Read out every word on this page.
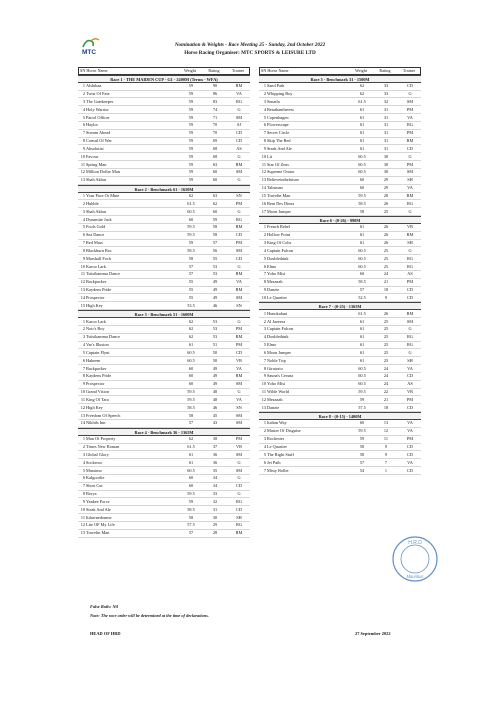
MTC
Nomination & Weights - Race Meeting 25 - Sunday, 2nd October 2022
Horse Racing Organiser: MTC SPORTS & LEISURE LTD
SN Horse Name	Weight	Rating	Trainer
Race 1 - THE MAIDEN CUP - G1 - 2400M (Terms - WFA)
1 Alshibaa	59	90	RM
2 Twist Of Fate	59	86	VA
3 The Gatekeeper	59	83	RG
4 Holy Warrior	59	74	G
5 Patrol Officer	59	71	SM
6 Haylor	59	70	SJ
7 Stream Ahead	59	70	CD
8 Consul Of War	59	69	CD
9 Absolutist	59	68	AS
10 Favour	59	68	G
11 Spring Man	59	63	RM
12 Million Dollar Man	59	60	SM
13 Shah Akbar	59	60	G
Race 2 - Benchmark 61 - 1650M
1 Your Pace Or Mine	62	63	SN
2 Hubble	61.5	62	PM
3 Shah Akbar	60.5	60	G
4 Dynamite Jack	60	59	RG
5 Fools Gold	59.5	58	RM
6 Sea Dance	59.5	58	CD
7 Red Mars	59	57	PM
8 Blackburn Roc	58.5	56	SM
9 Marshall Foch	58	55	CD
10 Karoo Lark	57	53	G
11 Tsitsikamma Dance	57	53	RM
12 Backpacker	55	49	VA
13 Kaydens Pride	55	49	RM
14 Prospector	55	49	SM
15 High Key	53.5	46	SN
Race 3 - Benchmark 51 - 1600M
1 Karoo Lark	62	53	G
2 Noir's Boy	62	53	PM
3 Tsitsikamma Dance	62	53	RM
4 Var's Illusion	61	51	PM
5 Captain Flynt	60.5	50	CD
6 Hakeem	60.5	50	VR
7 Backpacker	60	49	VA
8 Kaydens Pride	60	49	RM
9 Prospector	60	49	SM
10 Grand Vision	59.5	48	G
11 King Of Tara	59.5	48	VA
12 High Key	58.5	46	SN
13 Freedom Of Speech	58	45	SM
14 Nikhils Inn	57	43	SM
Race 4 - Benchmark 36 - 1365M
1 Man Of Property	62	38	PM
2 Times New Roman	61.5	37	VR
3 Global Glory	61	36	SM
4 Sockeroo	61	36	G
5 Massimo	60.5	35	SM
6 Kalgoorlie	60	34	G
7 Short Cut	60	34	CD
8 Borya	59.5	33	G
9 Yankee Force	59	32	RG
10 Steak And Ale	58.5	31	CD
11 Itdawnedonme	58	30	SH
12 Lite OF My Life	57.5	29	RG
13 Travelin Man	57	28	RM
SN Horse Name	Weight	Rating	Trainer
Race 5 - Benchmark 31 - 1500M
1 Sand Path	62	33	CD
2 Whipping Boy	62	33	G
3 Senatla	61.5	32	SM
4 Betathantherest	61	31	PM
5 Copenhagen	61	31	VA
6 Flowerscape	61	31	RG
7 Secret Circle	61	31	PM
8 Skip The Red	61	31	RM
9 Steak And Ale	61	31	CD
10 Lit	60.5	30	G
11 Star Of Zeus	60.5	30	PM
12 Supreme Orator	60.5	30	SM
13 Believeinthefuture	60	29	SH
14 Talisman	60	29	VA
15 Travelin Man	59.5	28	RM
16 Beni Des Dieux	58.5	26	RG
17 Moon Jumper	58	25	G
Race 6 - (0-26) - 990M
1 French Rebel	61	26	VR
2 Hollow Point	61	26	RM
3 King Of Colts	61	26	SH
4 Captain Falcon	60.5	25	G
5 Doublethink	60.5	25	RG
6 Elmo	60.5	25	RG
7 Yoho Mist	60	24	AS
8 Mezazah	58.5	21	PM
9 Danzie	57	18	CD
10 Le Quartier	52.5	9	CD
Race 7 - (0-25) - 1365M
1 Honokalani	61.5	26	RM
2 Al Jazeera	61	25	SM
3 Captain Falcon	61	25	G
4 Doublethink	61	25	RG
5 Elmo	61	25	RG
6 Moon Jumper	61	25	G
7 Noble Trip	61	25	SH
8 Giratorio	60.5	24	VA
9 Sauna's Cessna	60.5	24	CD
10 Yoho Mist	60.5	24	AS
11 Wilde World	59.5	22	VR
12 Mezazah	59	21	PM
13 Danzie	57.5	18	CD
Race 8 - (0-15) - 1400M
1 Italian Way	60	13	VA
2 Master Of Disguise	59.5	12	VA
3 Rochester	59	11	PM
4 Le Quartier	58	9	CD
5 The Right Stuff	58	9	CD
6 Jet Path	57	7	VA
7 Misty Roller	54	1	CD
H.R.D
Mauritius
False Rails: Nil
Note: The race order will be determined at the time of declarations.
HEAD OF HRD	27 September 2022
